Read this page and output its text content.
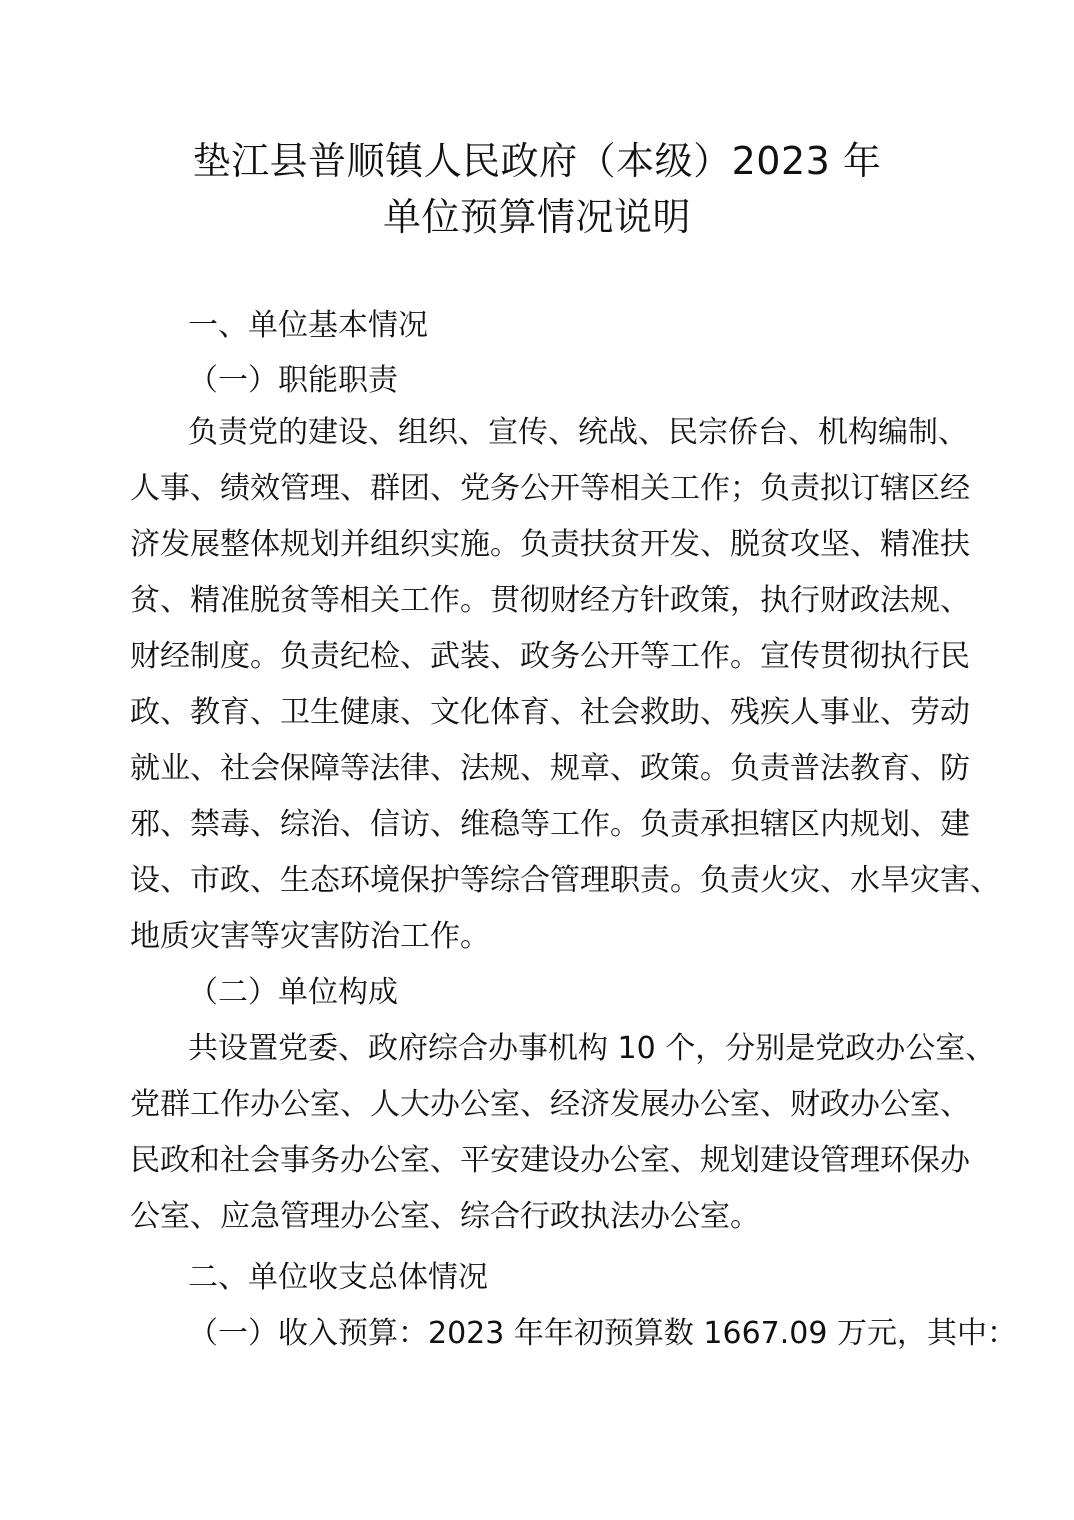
垫江县普顺镇人民政府（本级）2023 年
单位预算情况说明
一、单位基本情况
（一）职能职责
负责党的建设、组织、宣传、统战、民宗侨台、机构编制、
人事、绩效管理、群团、党务公开等相关工作；负责拟订辖区经
济发展整体规划并组织实施。负责扶贫开发、脱贫攻坚、精准扶
贫、精准脱贫等相关工作。贯彻财经方针政策，执行财政法规、
财经制度。负责纪检、武装、政务公开等工作。宣传贯彻执行民
政、教育、卫生健康、文化体育、社会救助、残疾人事业、劳动
就业、社会保障等法律、法规、规章、政策。负责普法教育、防
邪、禁毒、综治、信访、维稳等工作。负责承担辖区内规划、建
设、市政、生态环境保护等综合管理职责。负责火灾、水旱灾害、
地质灾害等灾害防治工作。
（二）单位构成
共设置党委、政府综合办事机构 10 个，分别是党政办公室、
党群工作办公室、人大办公室、经济发展办公室、财政办公室、
民政和社会事务办公室、平安建设办公室、规划建设管理环保办
公室、应急管理办公室、综合行政执法办公室。
二、单位收支总体情况
（一）收入预算：2023 年年初预算数 1667.09 万元，其中：
